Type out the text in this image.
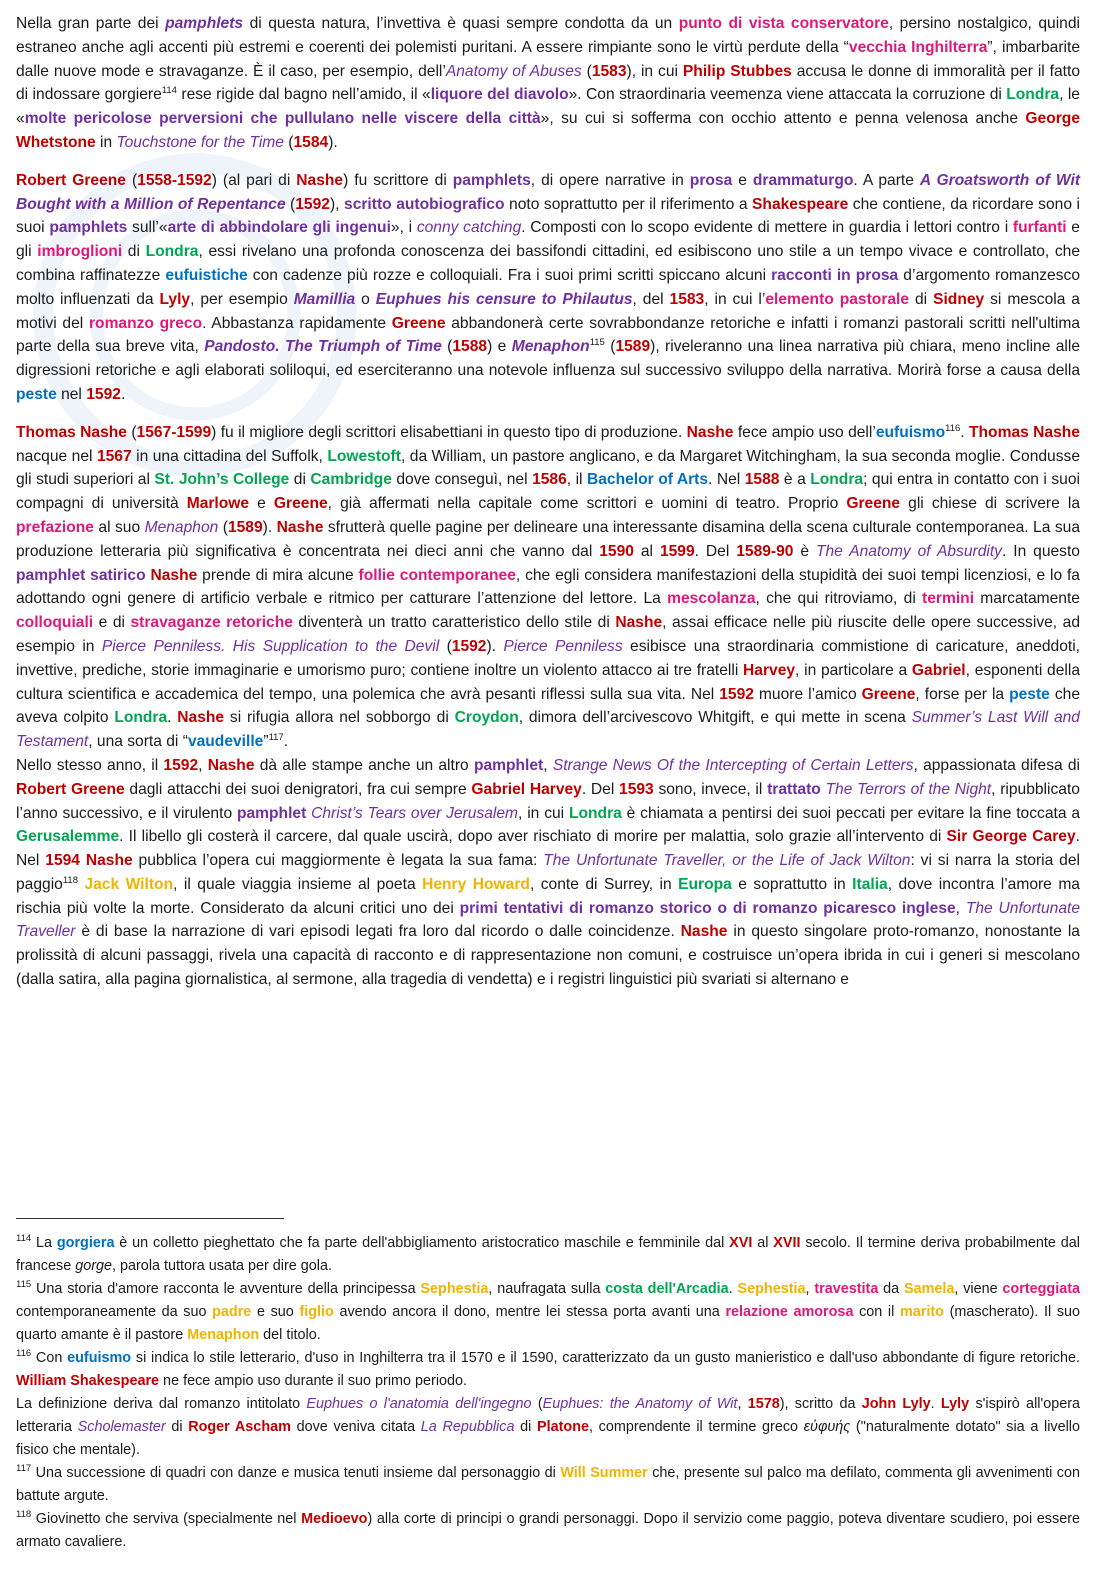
Nella gran parte dei pamphlets di questa natura, l’invettiva è quasi sempre condotta da un punto di vista conservatore, persino nostalgico, quindi estraneo anche agli accenti più estremi e coerenti dei polemisti puritani. A essere rimpiante sono le virtù perdute della “vecchia Inghilterra”, imbarbarite dalle nuove mode e stravaganze. È il caso, per esempio, dell’Anatomy of Abuses (1583), in cui Philip Stubbes accusa le donne di immoralità per il fatto di indossare gorgiere$^{114}$ rese rigide dal bagno nell’amido, il «liquore del diavolo». Con straordinaria veemenza viene attaccata la corruzione di Londra, le «molte pericolose perversioni che pullulano nelle viscere della città», su cui si sofferma con occhio attento e penna velenosa anche George Whetstone in Touchstone for the Time (1584).

Robert Greene (1558-1592) (al pari di Nashe) fu scrittore di pamphlets, di opere narrative in prosa e drammaturgo. A parte A Groatsworth of Wit Bought with a Million of Repentance (1592), scritto autobiografico noto soprattutto per il riferimento a Shakespeare che contiene, da ricordare sono i suoi pamphlets sull’«arte di abbindolare gli ingenui», i conny catching. Composti con lo scopo evidente di mettere in guardia i lettori contro i furfanti e gli imbroglioni di Londra, essi rivelano una profonda conoscenza dei bassifondi cittadini, ed esibiscono uno stile a un tempo vivace e controllato, che combina raffinatezze eufuistiche con cadenze più rozze e colloquiali. Fra i suoi primi scritti spiccano alcuni racconti in prosa d’argomento romanzesco molto influenzati da Lyly, per esempio Mamillia o Euphues his censure to Philautus, del 1583, in cui l’elemento pastorale di Sidney si mescola a motivi del romanzo greco. Abbastanza rapidamente Greene abbandonerà certe sovrabbondanze retoriche e infatti i romanzi pastorali scritti nell'ultima parte della sua breve vita, Pandosto. The Triumph of Time (1588) e Menaphon$^{115}$ (1589), riveleranno una linea narrativa più chiara, meno incline alle digressioni retoriche e agli elaborati soliloqui, ed eserciteranno una notevole influenza sul successivo sviluppo della narrativa. Morirà forse a causa della peste nel 1592.

Thomas Nashe (1567-1599) fu il migliore degli scrittori elisabettiani in questo tipo di produzione. Nashe fece ampio uso dell’eufuismo$^{116}$. Thomas Nashe nacque nel 1567 in una cittadina del Suffolk, Lowestoft, da William, un pastore anglicano, e da Margaret Witchingham, la sua seconda moglie. Condusse gli studi superiori al St. John’s College di Cambridge dove conseguì, nel 1586, il Bachelor of Arts. Nel 1588 è a Londra; qui entra in contatto con i suoi compagni di università Marlowe e Greene, già affermati nella capitale come scrittori e uomini di teatro. Proprio Greene gli chiese di scrivere la prefazione al suo Menaphon (1589). Nashe sfrutterà quelle pagine per delineare una interessante disamina della scena culturale contemporanea. La sua produzione letteraria più significativa è concentrata nei dieci anni che vanno dal 1590 al 1599. Del 1589-90 è The Anatomy of Absurdity. In questo pamphlet satirico Nashe prende di mira alcune follie contemporanee, che egli considera manifestazioni della stupidità dei suoi tempi licenziosi, e lo fa adottando ogni genere di artificio verbale e ritmico per catturare l’attenzione del lettore. La mescolanza, che qui ritroviamo, di termini marcatamente colloquiali e di stravaganze retoriche diventerà un tratto caratteristico dello stile di Nashe, assai efficace nelle più riuscite delle opere successive, ad esempio in Pierce Penniless. His Supplication to the Devil (1592). Pierce Penniless esibisce una straordinaria commistione di caricature, aneddoti, invettive, prediche, storie immaginarie e umorismo puro; contiene inoltre un violento attacco ai tre fratelli Harvey, in particolare a Gabriel, esponenti della cultura scientifica e accademica del tempo, una polemica che avrà pesanti riflessi sulla sua vita. Nel 1592 muore l’amico Greene, forse per la peste che aveva colpito Londra. Nashe si rifugia allora nel sobborgo di Croydon, dimora dell’arcivescovo Whitgift, e qui mette in scena Summer’s Last Will and Testament, una sorta di “vaudeville”$^{117}$.

Nello stesso anno, il 1592, Nashe dà alle stampe anche un altro pamphlet, Strange News Of the Intercepting of Certain Letters, appassionata difesa di Robert Greene dagli attacchi dei suoi denigratori, fra cui sempre Gabriel Harvey. Del 1593 sono, invece, il trattato The Terrors of the Night, ripubblicato l’anno successivo, e il virulento pamphlet Christ’s Tears over Jerusalem, in cui Londra è chiamata a pentirsi dei suoi peccati per evitare la fine toccata a Gerusalemme. Il libello gli costerà il carcere, dal quale uscirà, dopo aver rischiato di morire per malattia, solo grazie all’intervento di Sir George Carey. Nel 1594 Nashe pubblica l’opera cui maggiormente è legata la sua fama: The Unfortunate Traveller, or the Life of Jack Wilton: vi si narra la storia del paggio$^{118}$ Jack Wilton, il quale viaggia insieme al poeta Henry Howard, conte di Surrey, in Europa e soprattutto in Italia, dove incontra l’amore ma rischia più volte la morte. Considerato da alcuni critici uno dei primi tentativi di romanzo storico o di romanzo picaresco inglese, The Unfortunate Traveller è di base la narrazione di vari episodi legati fra loro dal ricordo o dalle coincidenze. Nashe in questo singolare proto-romanzo, nonostante la prolissità di alcuni passaggi, rivela una capacità di racconto e di rappresentazione non comuni, e costruisce un’opera ibrida in cui i generi si mescolano (dalla satira, alla pagina giornalistica, al sermone, alla tragedia di vendetta) e i registri linguistici più svariati si alternano e

$^{114}$ La gorgiera è un colletto pieghettato che fa parte dell'abbigliamento aristocratico maschile e femminile dal XVI al XVII secolo. Il termine deriva probabilmente dal francese gorge, parola tuttora usata per dire gola.

$^{115}$ Una storia d'amore racconta le avventure della principessa Sephestia, naufragata sulla costa dell'Arcadia. Sephestia, travestita da Samela, viene corteggiata contemporaneamente da suo padre e suo figlio avendo ancora il dono, mentre lei stessa porta avanti una relazione amorosa con il marito (mascherato). Il suo quarto amante è il pastore Menaphon del titolo.

$^{116}$ Con eufuismo si indica lo stile letterario, d'uso in Inghilterra tra il 1570 e il 1590, caratterizzato da un gusto manieristico e dall'uso abbondante di figure retoriche. William Shakespeare ne fece ampio uso durante il suo primo periodo.

La definizione deriva dal romanzo intitolato Euphues o l'anatomia dell'ingegno (Euphues: the Anatomy of Wit, 1578), scritto da John Lyly. Lyly s'ispirò all'opera letteraria Scholemaster di Roger Ascham dove veniva citata La Repubblica di Platone, comprendente il termine greco εὐφυής ("naturalmente dotato" sia a livello fisico che mentale).

$^{117}$ Una successione di quadri con danze e musica tenuti insieme dal personaggio di Will Summer che, presente sul palco ma defilato, commenta gli avvenimenti con battute argute.

$^{118}$ Giovinetto che serviva (specialmente nel Medioevo) alla corte di principi o grandi personaggi. Dopo il servizio come paggio, poteva diventare scudiero, poi essere armato cavaliere.
